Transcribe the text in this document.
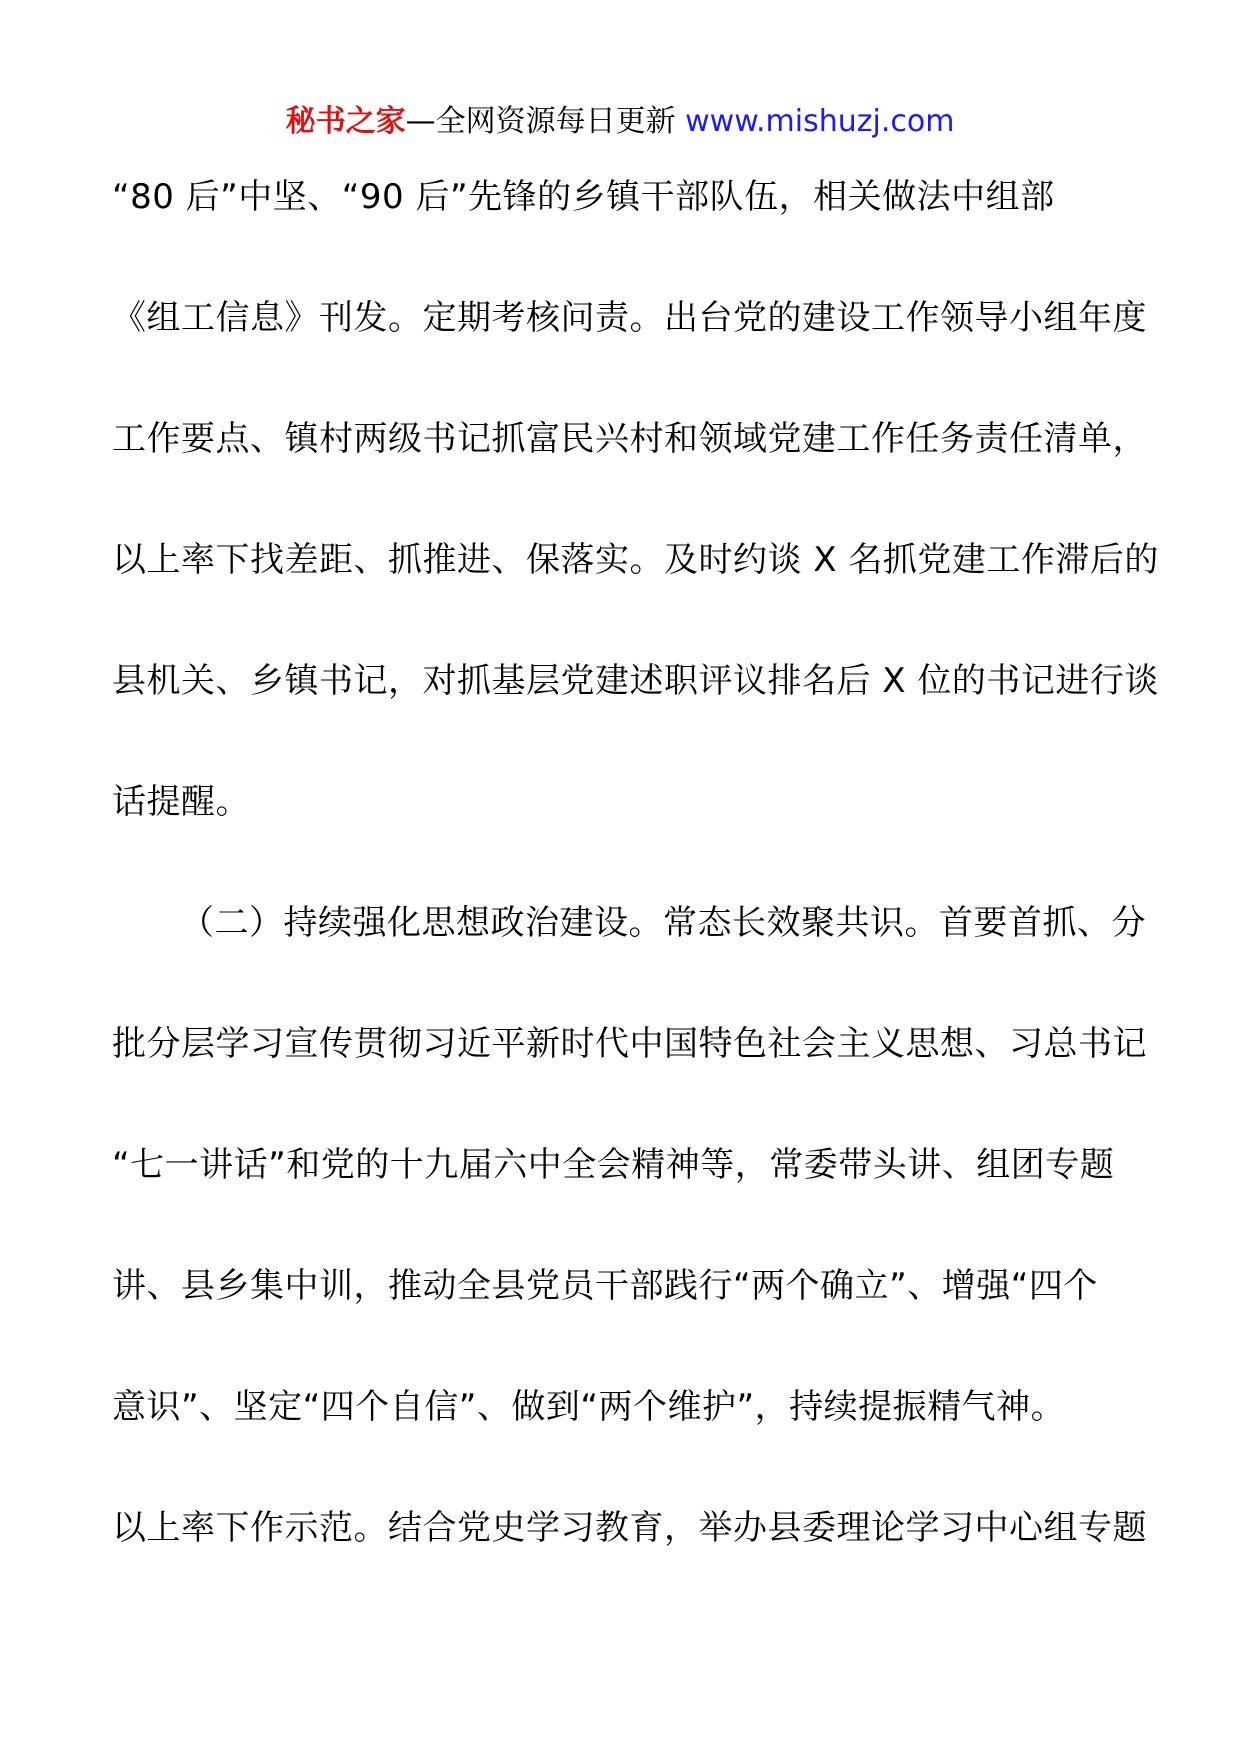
秘书之家—全网资源每日更新 www.mishuzj.com
“80 后”中坚、“90 后”先锋的乡镇干部队伍，相关做法中组部
《组工信息》刊发。定期考核问责。出台党的建设工作领导小组年度
工作要点、镇村两级书记抓富民兴村和领域党建工作任务责任清单，
以上率下找差距、抓推进、保落实。及时约谈 X 名抓党建工作滞后的
县机关、乡镇书记，对抓基层党建述职评议排名后 X 位的书记进行谈
话提醒。
（二）持续强化思想政治建设。常态长效聚共识。首要首抓、分
批分层学习宣传贯彻习近平新时代中国特色社会主义思想、习总书记
“七一讲话”和党的十九届六中全会精神等，常委带头讲、组团专题
讲、县乡集中训，推动全县党员干部践行“两个确立”、增强“四个
意识”、坚定“四个自信”、做到“两个维护”，持续提振精气神。
以上率下作示范。结合党史学习教育，举办县委理论学习中心组专题
